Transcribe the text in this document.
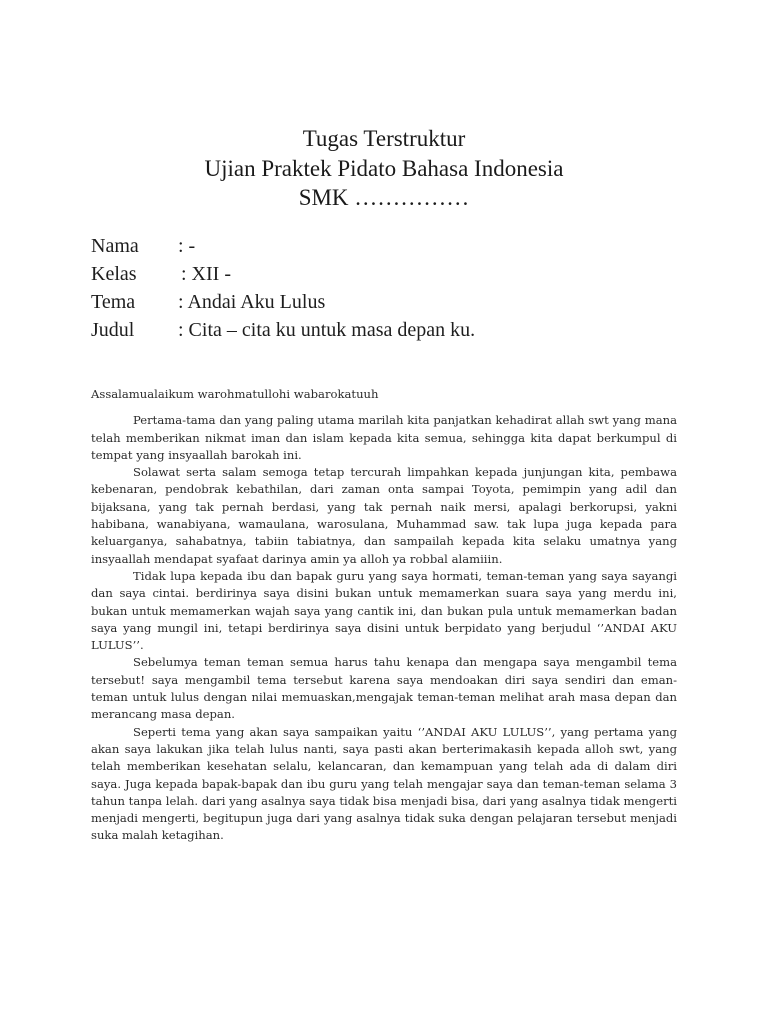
Tugas Terstruktur
Ujian Praktek Pidato Bahasa Indonesia
SMK ……………
Nama : -
Kelas : XII -
Tema : Andai Aku Lulus
Judul : Cita – cita ku untuk masa depan ku.

Assalamualaikum warohmatullohi wabarokatuuh

Pertama-tama dan yang paling utama marilah kita panjatkan kehadirat allah swt yang mana telah memberikan nikmat iman dan islam kepada kita semua, sehingga kita dapat berkumpul di tempat yang insyaallah barokah ini.

Solawat serta salam semoga tetap tercurah limpahkan kepada junjungan kita, pembawa kebenaran, pendobrak kebathilan, dari zaman onta sampai Toyota, pemimpin yang adil dan bijaksana, yang tak pernah berdasi, yang tak pernah naik mersi, apalagi berkorupsi, yakni habibana, wanabiyana, wamaulana, warosulana, Muhammad saw. tak lupa juga kepada para keluarganya, sahabatnya, tabiin tabiatnya, dan sampailah kepada kita selaku umatnya yang insyaallah mendapat syafaat darinya amin ya alloh ya robbal alamiiin.

Tidak lupa kepada ibu dan bapak guru yang saya hormati, teman-teman yang saya sayangi dan saya cintai. berdirinya saya disini bukan untuk memamerkan suara saya yang merdu ini, bukan untuk memamerkan wajah saya yang cantik ini, dan bukan pula untuk memamerkan badan saya yang mungil ini, tetapi berdirinya saya disini untuk berpidato yang berjudul ‘’ANDAI AKU LULUS’’.

Sebelumya teman teman semua harus tahu kenapa dan mengapa saya mengambil tema tersebut! saya mengambil tema tersebut karena saya mendoakan diri saya sendiri dan eman-teman untuk lulus dengan nilai memuaskan,mengajak teman-teman melihat arah masa depan dan merancang masa depan.

Seperti tema yang akan saya sampaikan yaitu ‘’ANDAI AKU LULUS’’, yang pertama yang akan saya lakukan jika telah lulus nanti, saya pasti akan berterimakasih kepada alloh swt, yang telah memberikan kesehatan selalu, kelancaran, dan kemampuan yang telah ada di dalam diri saya. Juga kepada bapak-bapak dan ibu guru yang telah mengajar saya dan teman-teman selama 3 tahun tanpa lelah. dari yang asalnya saya tidak bisa menjadi bisa, dari yang asalnya tidak mengerti menjadi mengerti, begitupun juga dari yang asalnya tidak suka dengan pelajaran tersebut menjadi suka malah ketagihan.
